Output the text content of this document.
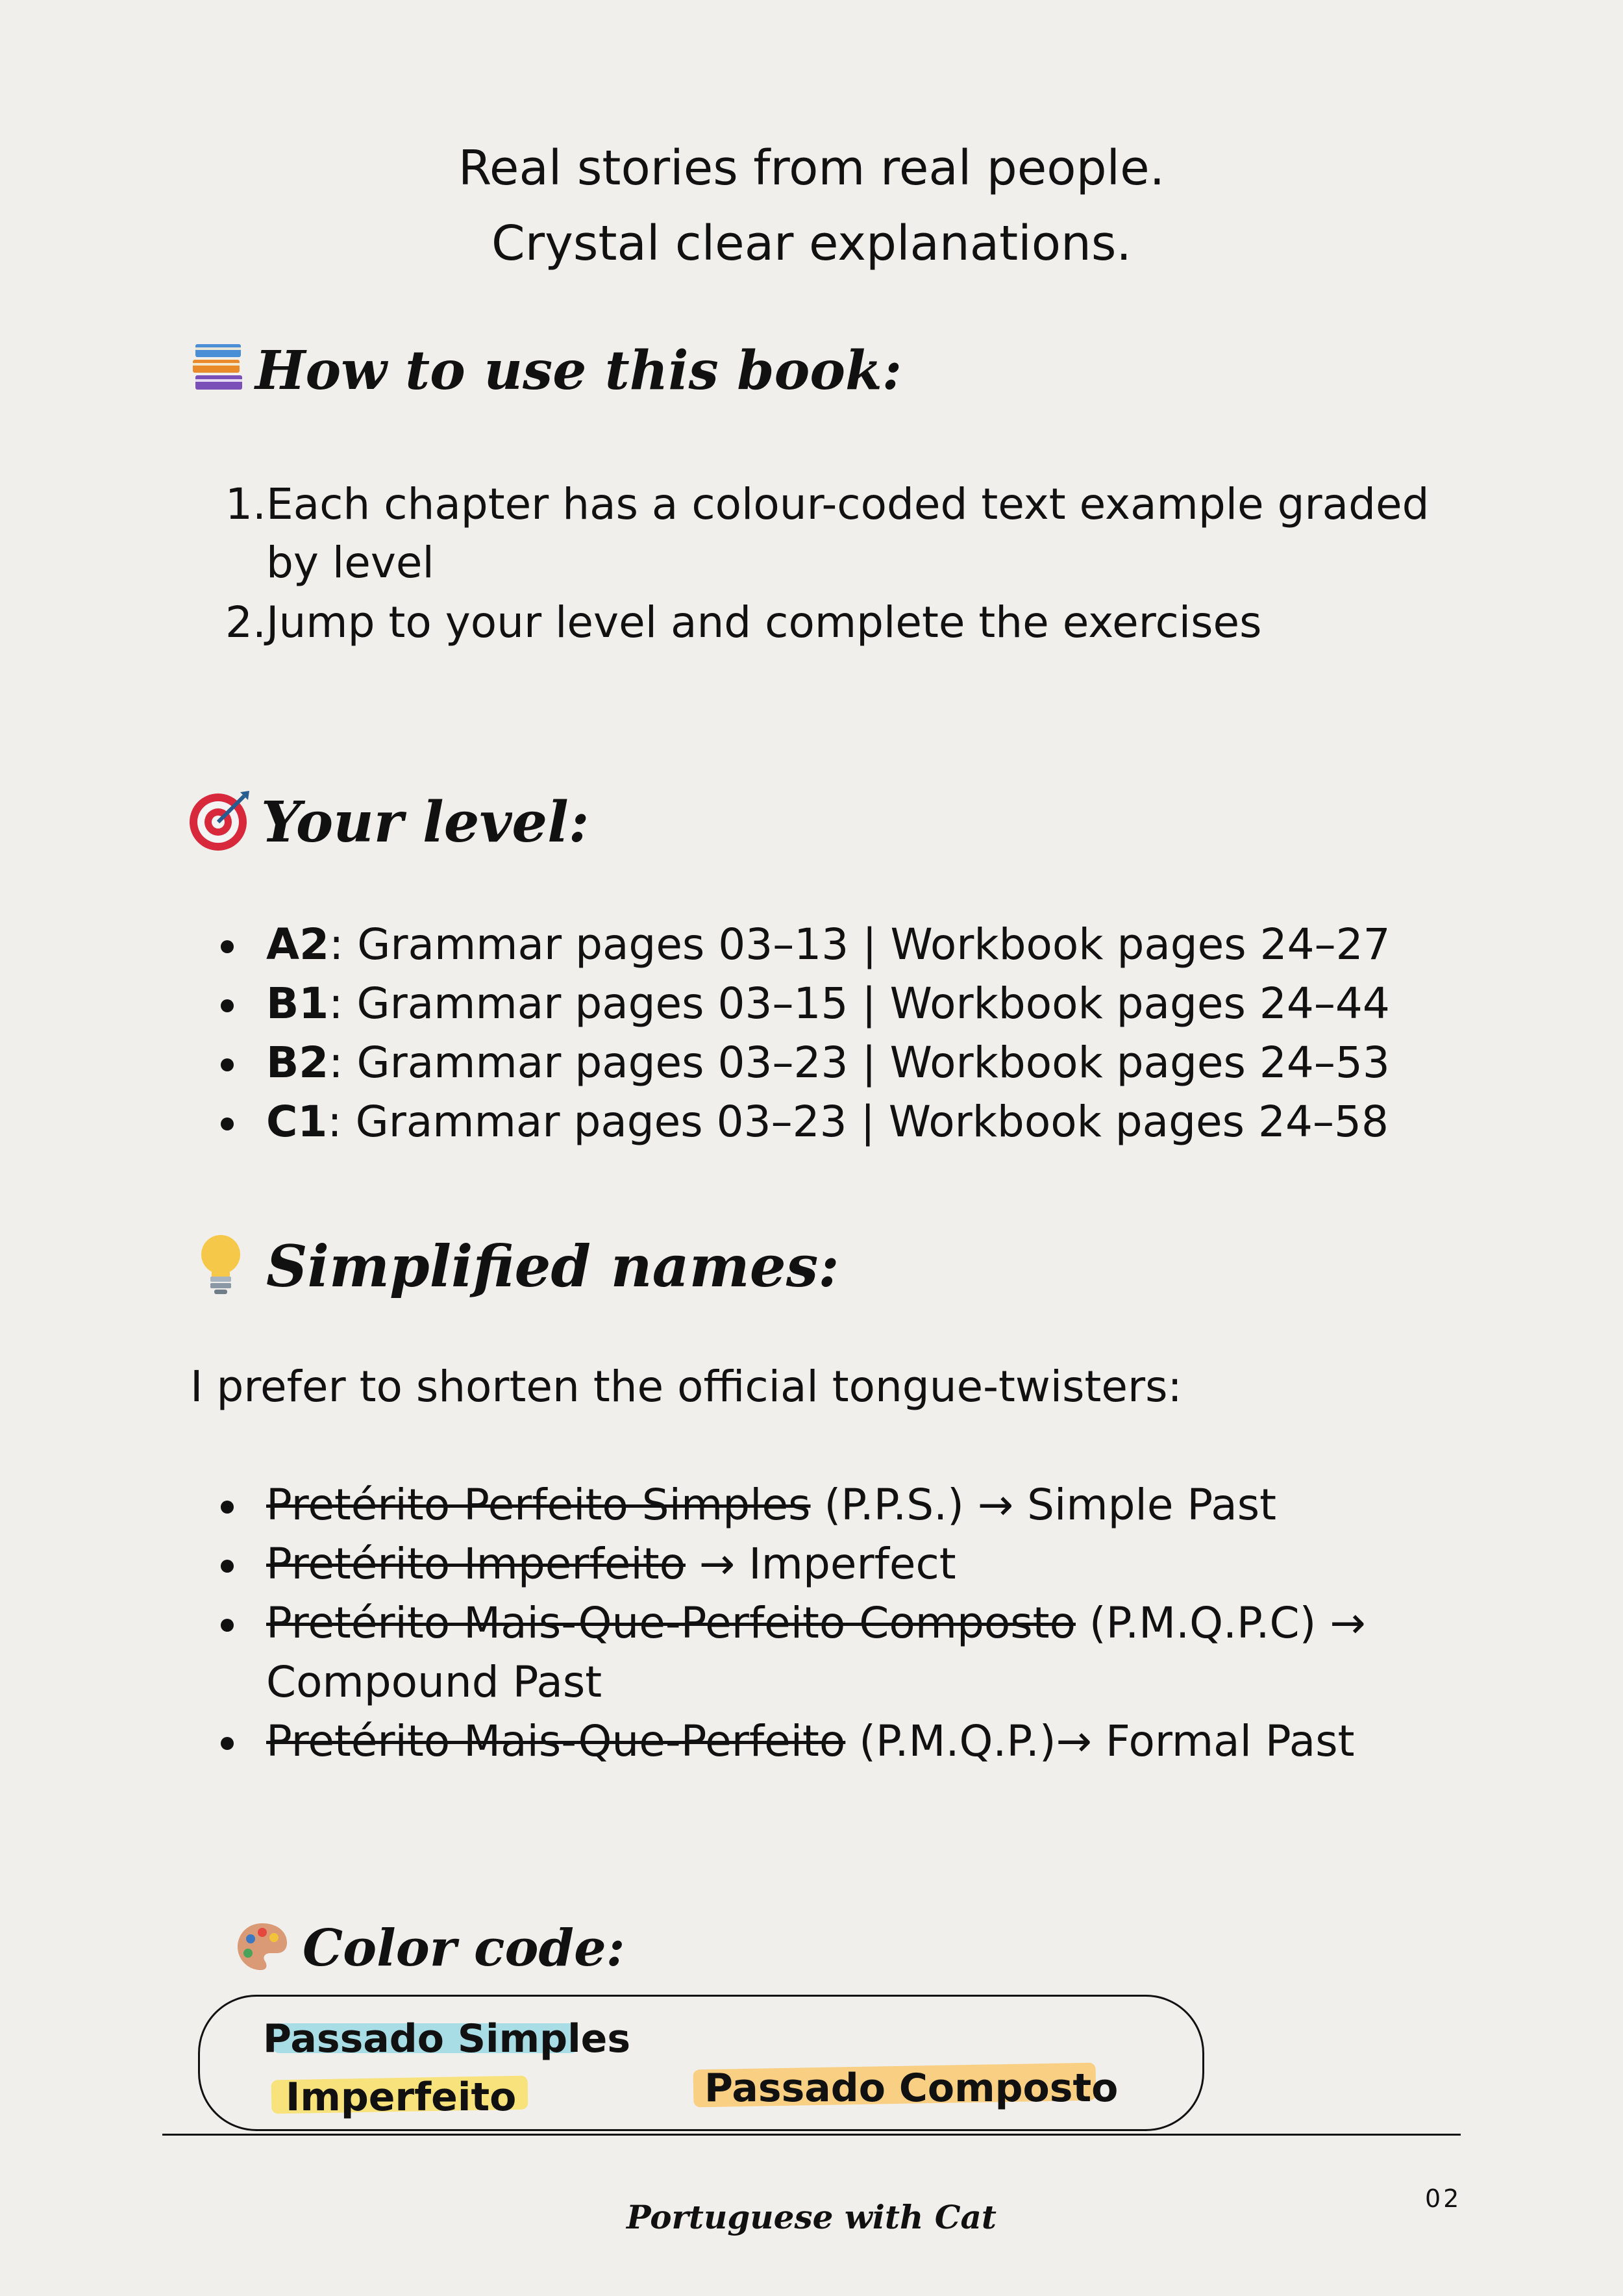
Real stories from real people.
Crystal clear explanations.
How to use this book:
1. Each chapter has a colour-coded text example graded
by level
2. Jump to your level and complete the exercises
Your level:
A2: Grammar pages 03–13 | Workbook pages 24–27
B1: Grammar pages 03–15 | Workbook pages 24–44
B2: Grammar pages 03–23 | Workbook pages 24–53
C1: Grammar pages 03–23 | Workbook pages 24–58
Simplified names:
I prefer to shorten the official tongue-twisters:
Pretérito Perfeito Simples (P.P.S.) → Simple Past
Pretérito Imperfeito → Imperfect
Pretérito Mais-Que-Perfeito Composto (P.M.Q.P.C) →
Compound Past
Pretérito Mais-Que-Perfeito (P.M.Q.P.)→ Formal Past
Color code:
Passado Simples
Imperfeito	Passado Composto
Portuguese with Cat	02
